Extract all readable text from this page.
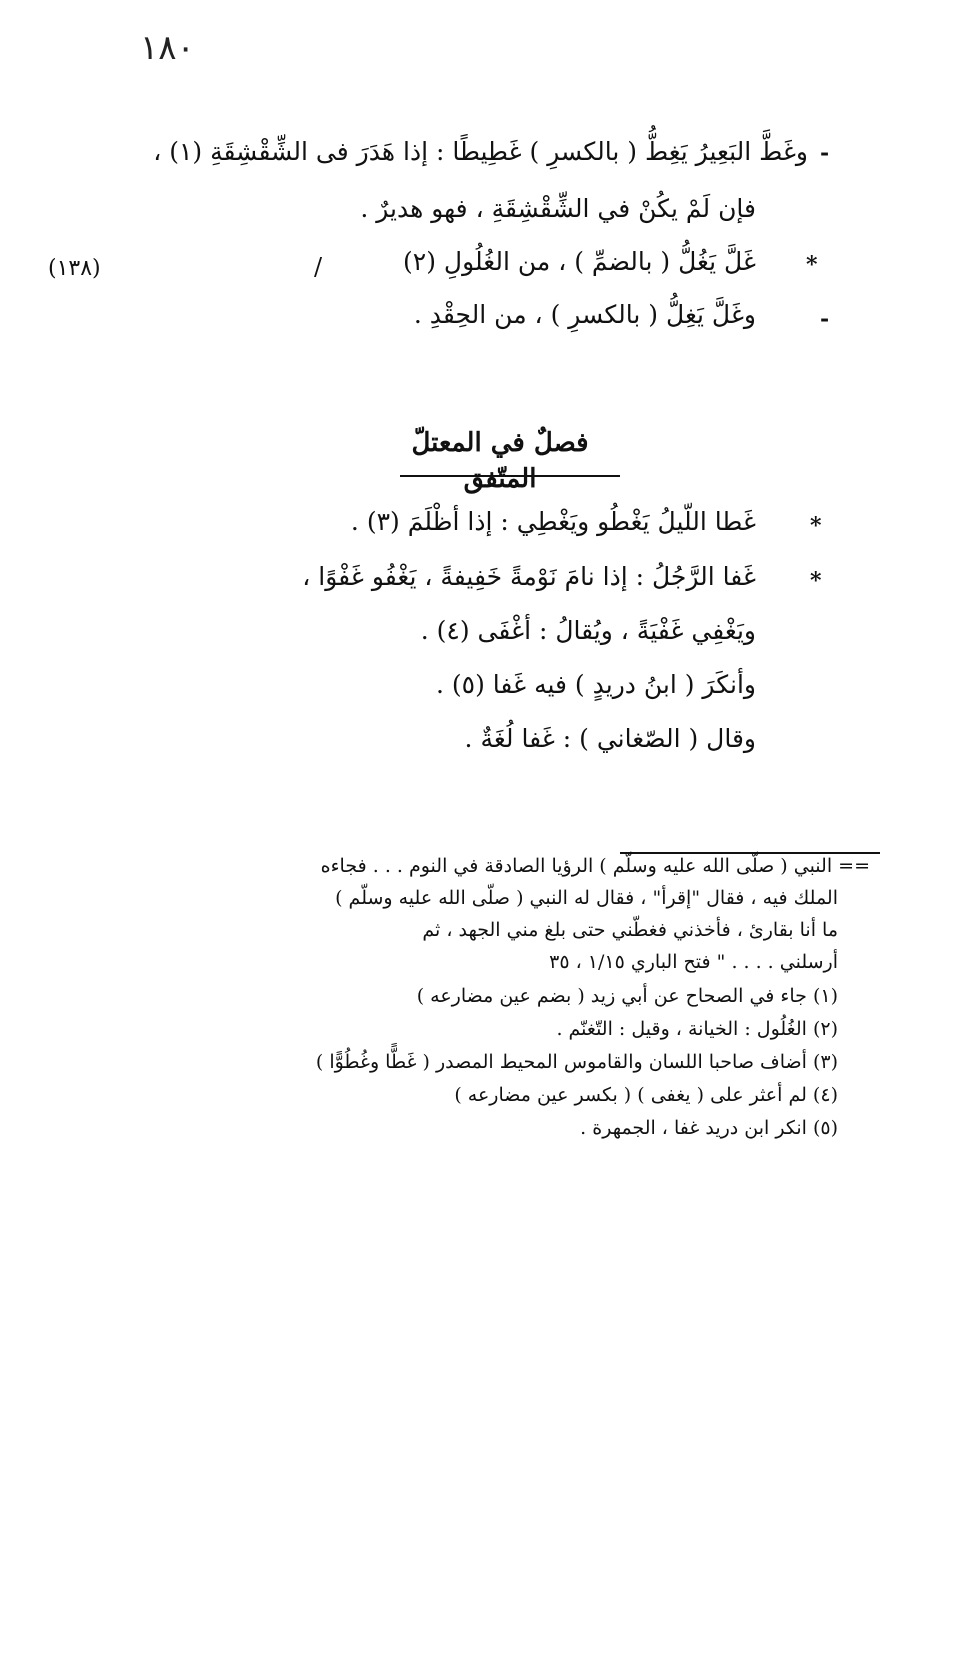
١٨٠
-
وغَطَّ البَعِيرُ يَغِطُّ ( بالكسرِ ) غَطِيطًا : إذا هَدَرَ فى الشِّقْشِقَةِ (١) ،
فإن لَمْ يكُنْ في الشِّقْشِقَةِ ، فهو هديرٌ .
*
غَلَّ يَغُلُّ ( بالضمِّ ) ، من الغُلُولِ (٢)
/
(١٣٨)
-
وغَلَّ يَغِلُّ ( بالكسرِ ) ، من الحِقْدِ .
فصلٌ في المعتلّ المتّفق
*
غَطا اللّيلُ يَغْطُو ويَغْطِي : إذا أظْلَمَ (٣) .
*
غَفا الرَّجُلُ : إذا نامَ نَوْمةً خَفِيفةً ، يَغْفُو غَفْوًا ،
ويَغْفِي غَفْيَةً ، ويُقالُ : أغْفَى (٤) .
وأنكَرَ ( ابنُ دريدٍ ) فيه غَفا (٥) .
وقال ( الصّغاني ) : غَفا لُغَةٌ .
== النبي ( صلّى الله عليه وسلّم ) الرؤيا الصادقة في النوم . . . فجاءه
الملك فيه ، فقال "إقرأ" ، فقال له النبي ( صلّى الله عليه وسلّم )
ما أنا بقارئ ، فأخذني فغطّني حتى بلغ مني الجهد ، ثم
أرسلني . . . . " فتح الباري ١/١٥ ، ٣٥
(١) جاء في الصحاح عن أبي زيد ( بضم عين مضارعه )
(٢) الغُلُول : الخيانة ، وقيل : التّغنّم .
(٣) أضاف صاحبا اللسان والقاموس المحيط المصدر ( غَطًّا وغُطُوًّا )
(٤) لم أعثر على ( يغفى ) ( بكسر عين مضارعه )
(٥) انكر ابن دريد غفا ، الجمهرة .
